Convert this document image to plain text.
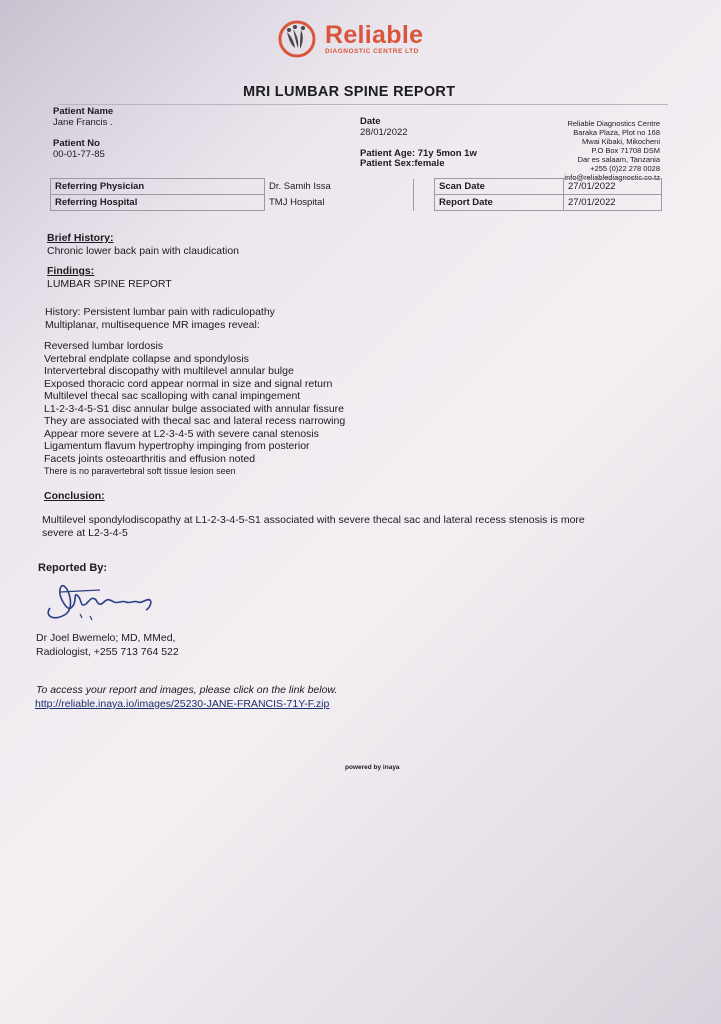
Reliable
DIAGNOSTIC CENTRE LTD
MRI LUMBAR SPINE REPORT
Patient Name
Jane Francis .
Patient No
00-01-77-85
Date
28/01/2022
Patient Age: 71y 5mon 1w
Patient Sex:female
Reliable Diagnostics Centre
Baraka Plaza, Plot no 168
Mwai Kibaki, Mikocheni
P.O Box 71708 DSM
Dar es salaam, Tanzania
+255 (0)22 278 0028
info@reliablediagnostic.co.tz
Referring Physician	Dr. Samih Issa		Scan Date	27/01/2022
Referring Hospital	TMJ Hospital		Report Date	27/01/2022
Brief History:
Chronic lower back pain with claudication
Findings:
LUMBAR SPINE REPORT
History: Persistent lumbar pain with radiculopathy
Multiplanar, multisequence MR images reveal:
Reversed lumbar lordosis
Vertebral endplate collapse and spondylosis
Intervertebral discopathy with multilevel annular bulge
Exposed thoracic cord appear normal in size and signal return
Multilevel thecal sac scalloping with canal impingement
L1-2-3-4-5-S1 disc annular bulge associated with annular fissure
They are associated with thecal sac and lateral recess narrowing
Appear more severe at L2-3-4-5 with severe canal stenosis
Ligamentum flavum hypertrophy impinging from posterior
Facets joints osteoarthritis and effusion noted
There is no paravertebral soft tissue lesion seen
Conclusion:
Multilevel spondylodiscopathy at L1-2-3-4-5-S1 associated with severe thecal sac and lateral recess stenosis is more
severe at L2-3-4-5
Reported By:
Dr Joel Bwemelo; MD, MMed,
Radiologist, +255 713 764 522
To access your report and images, please click on the link below.
http://reliable.inaya.io/images/25230-JANE-FRANCIS-71Y-F.zip
powered by inaya
